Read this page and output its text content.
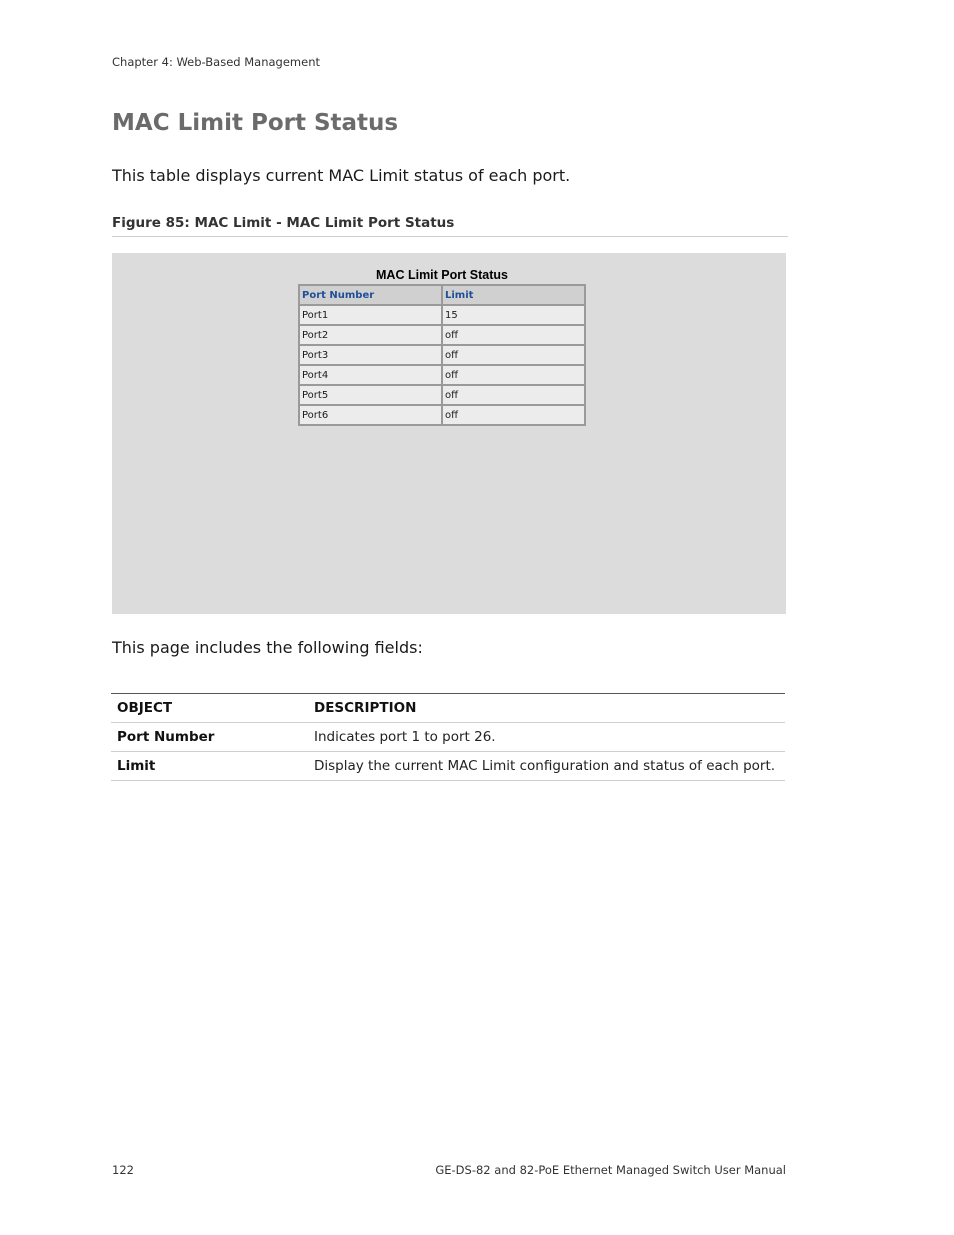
Chapter 4: Web-Based Management
MAC Limit Port Status
This table displays current MAC Limit status of each port.
Figure 85: MAC Limit - MAC Limit Port Status
MAC Limit Port Status
Port Number	Limit
Port1	15
Port2	off
Port3	off
Port4	off
Port5	off
Port6	off
This page includes the following fields:
OBJECT	DESCRIPTION
Port Number	Indicates port 1 to port 26.
Limit	Display the current MAC Limit configuration and status of each port.
122	GE-DS-82 and 82-PoE Ethernet Managed Switch User Manual
